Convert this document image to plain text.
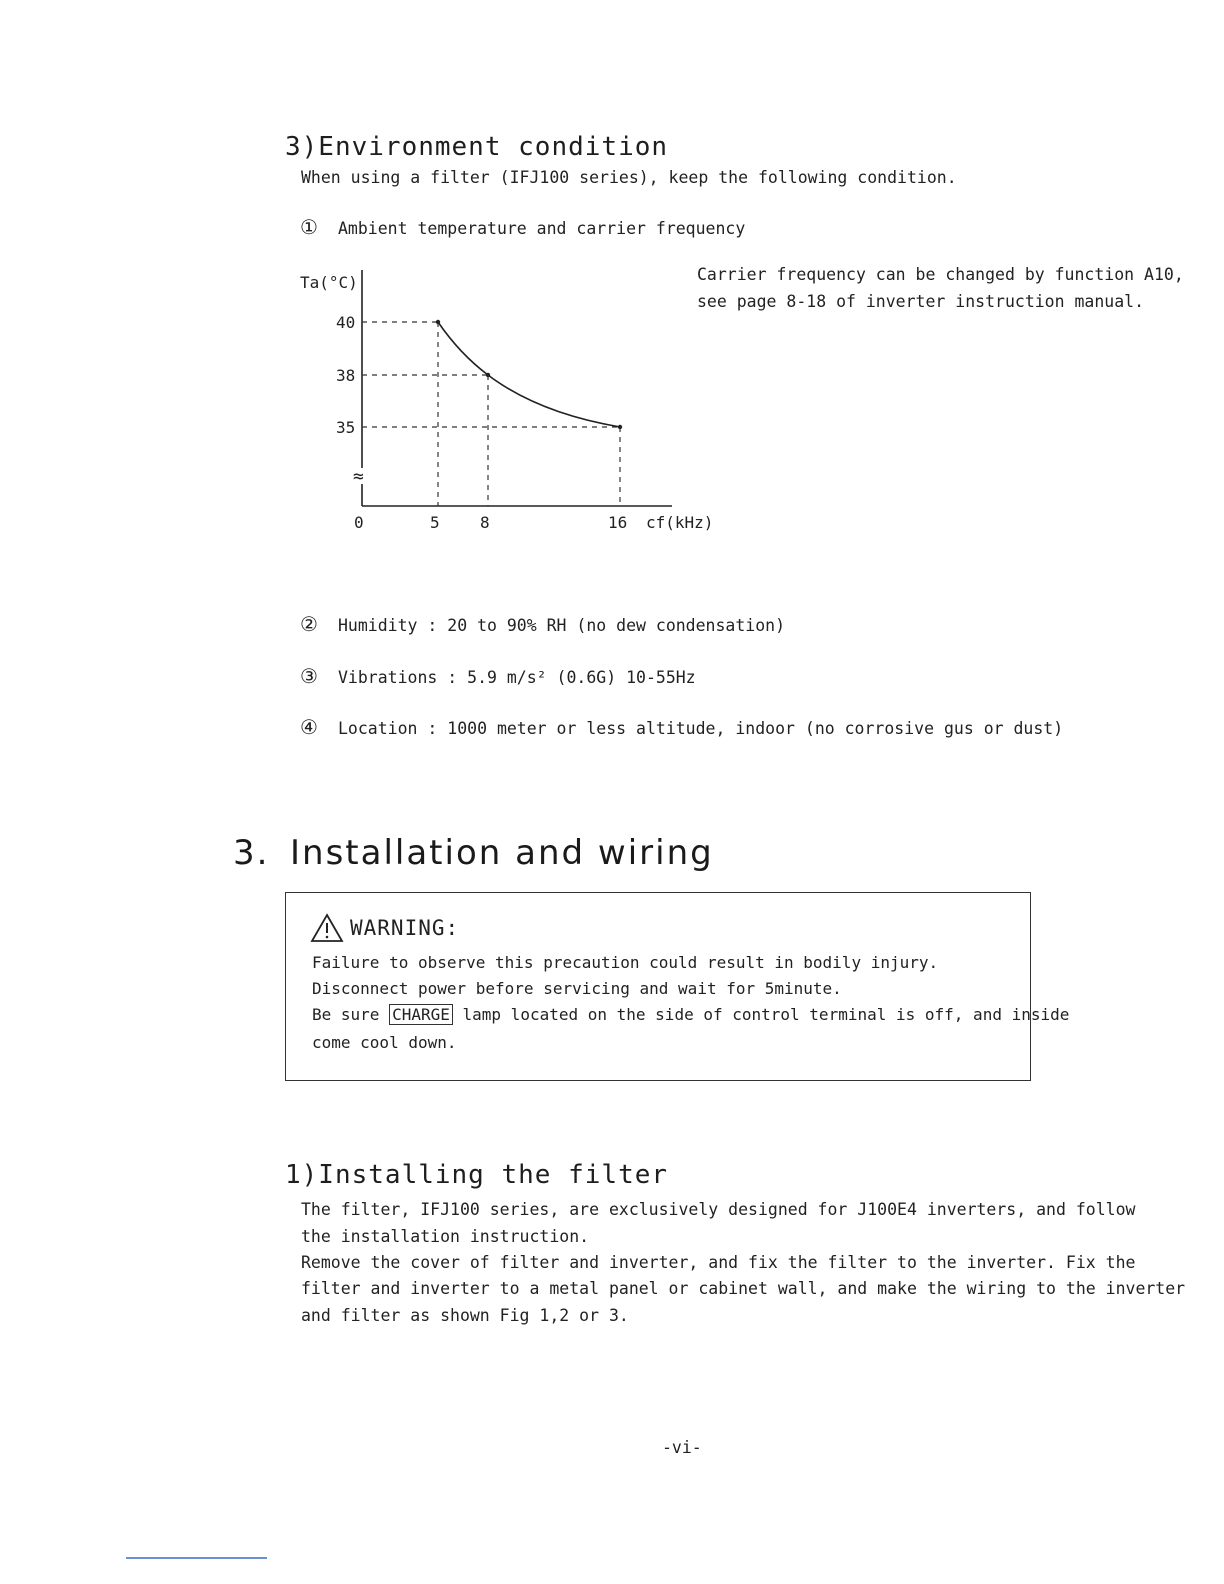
3)Environment condition
When using a filter (IFJ100 series), keep the following condition.
① Ambient temperature and carrier frequency
Ta(°C)
≈
40
38
35
0	5	8	16 cf(kHz)
Carrier frequency can be changed by function A10,
see page 8-18 of inverter instruction manual.
② Humidity : 20 to 90% RH (no dew condensation)
③ Vibrations : 5.9 m/s² (0.6G) 10-55Hz
④ Location : 1000 meter or less altitude, indoor (no corrosive gus or dust)
3. Installation and wiring
WARNING:
Failure to observe this precaution could result in bodily injury.
Disconnect power before servicing and wait for 5minute.
Be sure CHARGE lamp located on the side of control terminal is off, and inside
come cool down.
1)Installing the filter
The filter, IFJ100 series, are exclusively designed for J100E4 inverters, and follow
the installation instruction.
Remove the cover of filter and inverter, and fix the filter to the inverter. Fix the
filter and inverter to a metal panel or cabinet wall, and make the wiring to the inverter
and filter as shown Fig 1,2 or 3.
-vi-
